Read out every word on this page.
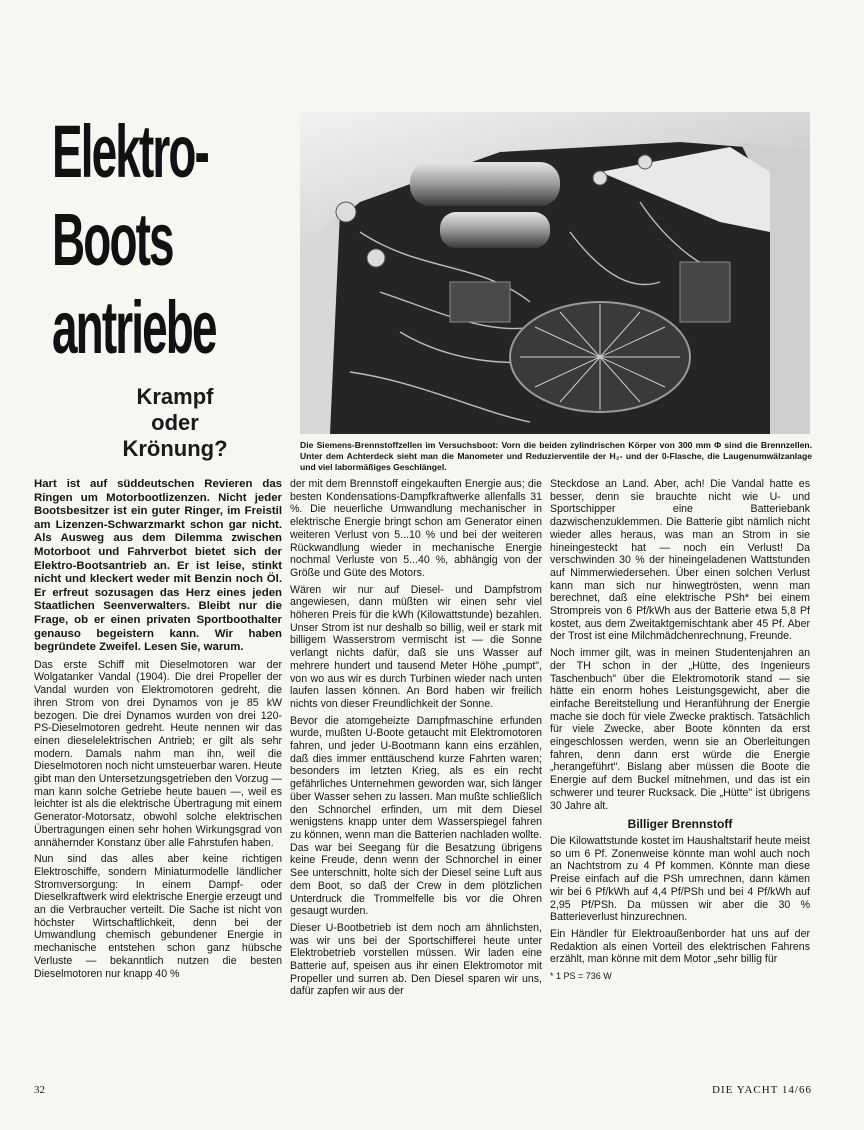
Elektro-
Boots
antriebe
Krampf
oder
Krönung?	Die Siemens-Brennstoffzellen im Versuchsboot: Vorn die beiden zylindrischen Körper von 300 mm Φ sind die Brennzellen. Unter dem Achterdeck sieht man die Manometer und Reduzierventile der H₂- und der 0-Flasche, die Laugenumwälzanlage und viel labormäßiges Geschlängel.

Hart ist auf süddeutschen Revieren das Ringen um Motorbootlizenzen. Nicht jeder Bootsbesitzer ist ein guter Ringer, im Freistil am Lizenzen-Schwarzmarkt schon gar nicht. Als Ausweg aus dem Dilemma zwischen Motorboot und Fahrverbot bietet sich der Elektro-Bootsantrieb an. Er ist leise, stinkt nicht und kleckert weder mit Benzin noch Öl. Er erfreut sozusagen das Herz eines jeden Staatlichen Seenverwalters. Bleibt nur die Frage, ob er einen privaten Sportboothalter genauso begeistern kann. Wir haben begründete Zweifel. Lesen Sie, warum.

Das erste Schiff mit Dieselmotoren war der Wolgatanker Vandal (1904). Die drei Propeller der Vandal wurden von Elektromotoren gedreht, die ihren Strom von drei Dynamos von je 85 kW bezogen. Die drei Dynamos wurden von drei 120-PS-Dieselmotoren gedreht. Heute nennen wir das einen dieselelektrischen Antrieb; er gilt als sehr modern. Damals nahm man ihn, weil die Dieselmotoren noch nicht umsteuerbar waren. Heute gibt man den Untersetzungsgetrieben den Vorzug — man kann solche Getriebe heute bauen —, weil es leichter ist als die elektrische Übertragung mit einem Generator-Motorsatz, obwohl solche elektrischen Übertragungen einen sehr hohen Wirkungsgrad von annähernder Konstanz über alle Fahrstufen haben.

Nun sind das alles aber keine richtigen Elektroschiffe, sondern Miniaturmodelle ländlicher Stromversorgung: In einem Dampf- oder Dieselkraftwerk wird elektrische Energie erzeugt und an die Verbraucher verteilt. Die Sache ist nicht von höchster Wirtschaftlichkeit, denn bei der Umwandlung chemisch gebundener Energie in mechanische entstehen schon ganz hübsche Verluste — bekanntlich nutzen die besten Dieselmotoren nur knapp 40 %

der mit dem Brennstoff eingekauften Energie aus; die besten Kondensations-Dampfkraftwerke allenfalls 31 %. Die neuerliche Umwandlung mechanischer in elektrische Energie bringt schon am Generator einen weiteren Verlust von 5...10 % und bei der weiteren Rückwandlung wieder in mechanische Energie nochmal Verluste von 5...40 %, abhängig von der Größe und Güte des Motors.

Wären wir nur auf Diesel- und Dampfstrom angewiesen, dann müßten wir einen sehr viel höheren Preis für die kWh (Kilowattstunde) bezahlen. Unser Strom ist nur deshalb so billig, weil er stark mit billigem Wasserstrom vermischt ist — die Sonne verlangt nichts dafür, daß sie uns Wasser auf mehrere hundert und tausend Meter Höhe „pumpt", von wo aus wir es durch Turbinen wieder nach unten laufen lassen können. An Bord haben wir freilich nichts von dieser Freundlichkeit der Sonne.

Bevor die atomgeheizte Dampfmaschine erfunden wurde, mußten U-Boote getaucht mit Elektromotoren fahren, und jeder U-Bootmann kann eins erzählen, daß dies immer enttäuschend kurze Fahrten waren; besonders im letzten Krieg, als es ein recht gefährliches Unternehmen geworden war, sich länger über Wasser sehen zu lassen. Man mußte schließlich den Schnorchel erfinden, um mit dem Diesel wenigstens knapp unter dem Wasserspiegel fahren zu können, wenn man die Batterien nachladen wollte. Das war bei Seegang für die Besatzung übrigens keine Freude, denn wenn der Schnorchel in einer See unterschnitt, holte sich der Diesel seine Luft aus dem Boot, so daß der Crew in dem plötzlichen Unterdruck die Trommelfelle bis vor die Ohren gesaugt wurden.

Dieser U-Bootbetrieb ist dem noch am ähnlichsten, was wir uns bei der Sportschifferei heute unter Elektrobetrieb vorstellen müssen. Wir laden eine Batterie auf, speisen aus ihr einen Elektromotor mit Propeller und surren ab. Den Diesel sparen wir uns, dafür zapfen wir aus der

Steckdose an Land. Aber, ach! Die Vandal hatte es besser, denn sie brauchte nicht wie U- und Sportschipper eine Batteriebank dazwischenzuklemmen. Die Batterie gibt nämlich nicht wieder alles heraus, was man an Strom in sie hineingesteckt hat — noch ein Verlust! Da verschwinden 30 % der hineingeladenen Wattstunden auf Nimmerwiedersehen. Über einen solchen Verlust kann man sich nur hinwegtrösten, wenn man berechnet, daß eine elektrische PSh* bei einem Strompreis von 6 Pf/kWh aus der Batterie etwa 5,8 Pf kostet, aus dem Zweitaktgemischtank aber 45 Pf. Aber der Trost ist eine Milchmädchenrechnung, Freunde.

Noch immer gilt, was in meinen Studentenjahren an der TH schon in der „Hütte, des Ingenieurs Taschenbuch" über die Elektromotorik stand — sie hätte ein enorm hohes Leistungsgewicht, aber die einfache Bereitstellung und Heranführung der Energie mache sie doch für viele Zwecke praktisch. Tatsächlich für viele Zwecke, aber Boote könnten da erst eingeschlossen werden, wenn sie an Oberleitungen fahren, denn dann erst würde die Energie „herangeführt". Bislang aber müssen die Boote die Energie auf dem Buckel mitnehmen, und das ist ein schwerer und teurer Rucksack. Die „Hütte" ist übrigens 30 Jahre alt.

Billiger Brennstoff

Die Kilowattstunde kostet im Haushaltstarif heute meist so um 6 Pf. Zonenweise könnte man wohl auch noch an Nachtstrom zu 4 Pf kommen. Könnte man diese Preise einfach auf die PSh umrechnen, dann kämen wir bei 6 Pf/kWh auf 4,4 Pf/PSh und bei 4 Pf/kWh auf 2,95 Pf/PSh. Da müssen wir aber die 30 % Batterieverlust hinzurechnen.

Ein Händler für Elektroaußenborder hat uns auf der Redaktion als einen Vorteil des elektrischen Fahrens erzählt, man könne mit dem Motor „sehr billig für

* 1 PS = 736 W

32	DIE YACHT 14/66
